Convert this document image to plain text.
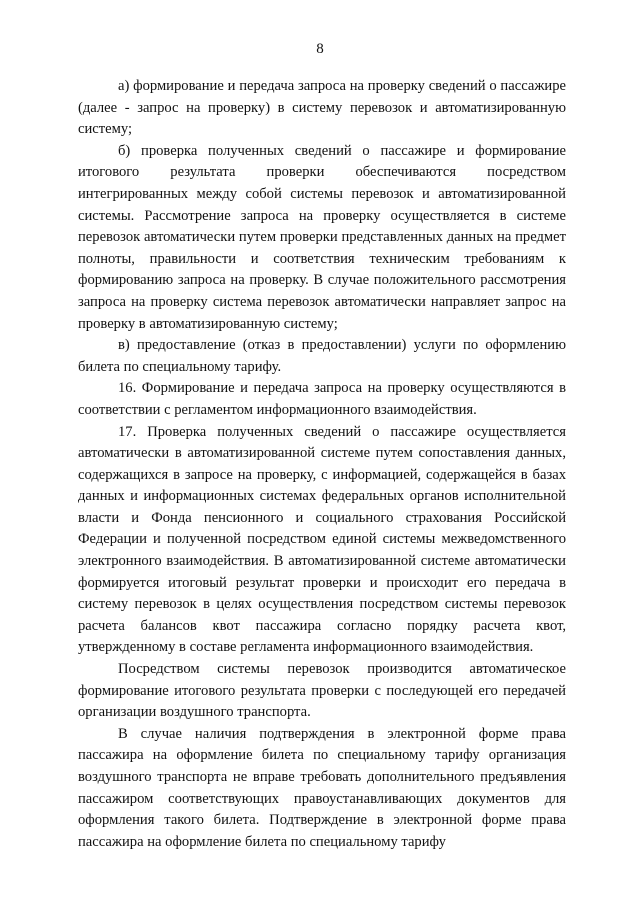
8

а) формирование и передача запроса на проверку сведений о пассажире (далее - запрос на проверку) в систему перевозок и автоматизированную систему;

б) проверка полученных сведений о пассажире и формирование итогового результата проверки обеспечиваются посредством интегрированных между собой системы перевозок и автоматизированной системы. Рассмотрение запроса на проверку осуществляется в системе перевозок автоматически путем проверки представленных данных на предмет полноты, правильности и соответствия техническим требованиям к формированию запроса на проверку. В случае положительного рассмотрения запроса на проверку система перевозок автоматически направляет запрос на проверку в автоматизированную систему;

в) предоставление (отказ в предоставлении) услуги по оформлению билета по специальному тарифу.

16. Формирование и передача запроса на проверку осуществляются в соответствии с регламентом информационного взаимодействия.

17. Проверка полученных сведений о пассажире осуществляется автоматически в автоматизированной системе путем сопоставления данных, содержащихся в запросе на проверку, с информацией, содержащейся в базах данных и информационных системах федеральных органов исполнительной власти и Фонда пенсионного и социального страхования Российской Федерации и полученной посредством единой системы межведомственного электронного взаимодействия. В автоматизированной системе автоматически формируется итоговый результат проверки и происходит его передача в систему перевозок в целях осуществления посредством системы перевозок расчета балансов квот пассажира согласно порядку расчета квот, утвержденному в составе регламента информационного взаимодействия.

Посредством системы перевозок производится автоматическое формирование итогового результата проверки с последующей его передачей организации воздушного транспорта.

В случае наличия подтверждения в электронной форме права пассажира на оформление билета по специальному тарифу организация воздушного транспорта не вправе требовать дополнительного предъявления пассажиром соответствующих правоустанавливающих документов для оформления такого билета. Подтверждение в электронной форме права пассажира на оформление билета по специальному тарифу
